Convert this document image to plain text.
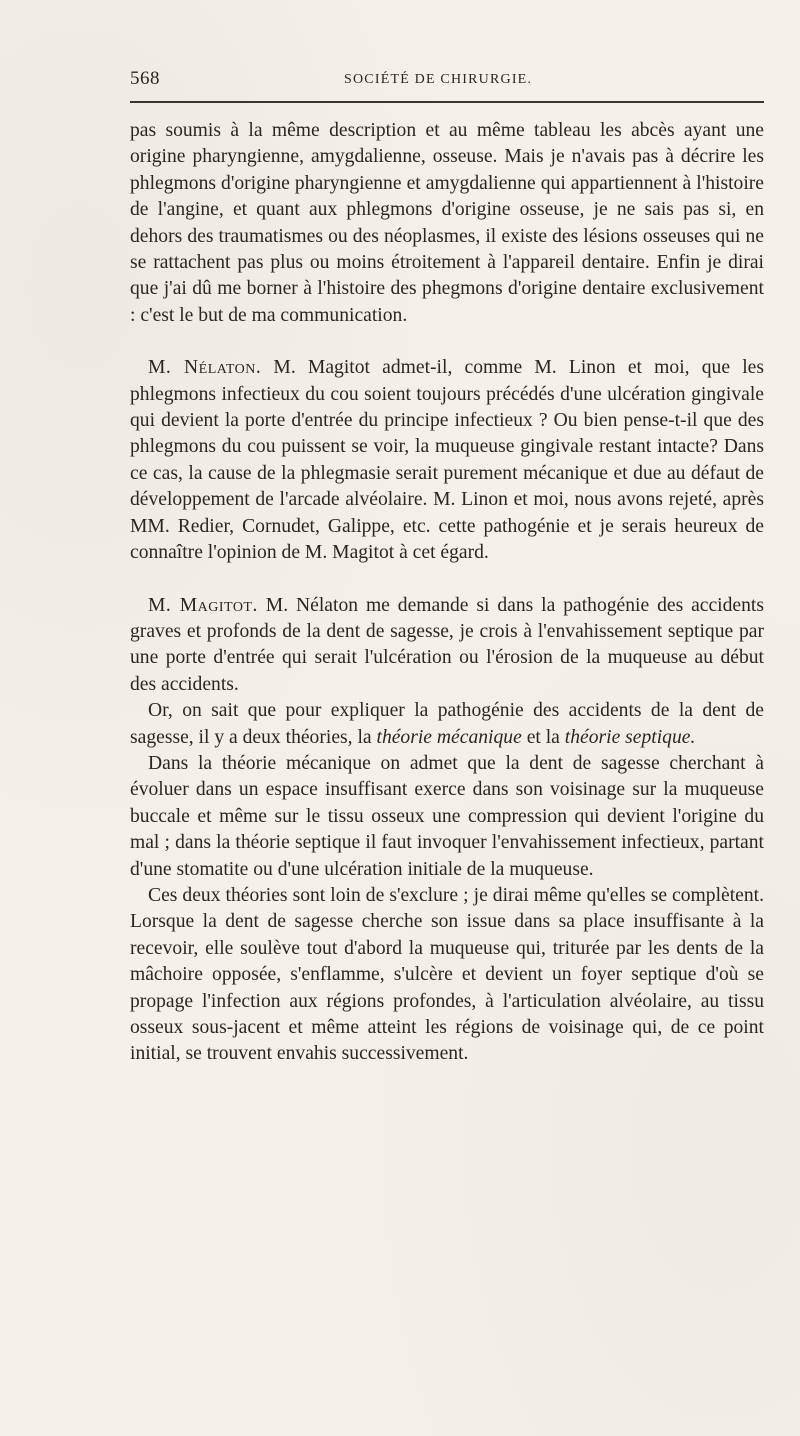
568	SOCIÉTÉ DE CHIRURGIE.

pas soumis à la même description et au même tableau les abcès ayant une origine pharyngienne, amygdalienne, osseuse. Mais je n'avais pas à décrire les phlegmons d'origine pharyngienne et amygdalienne qui appartiennent à l'histoire de l'angine, et quant aux phlegmons d'origine osseuse, je ne sais pas si, en dehors des traumatismes ou des néoplasmes, il existe des lésions osseuses qui ne se rattachent pas plus ou moins étroitement à l'appareil dentaire. Enfin je dirai que j'ai dû me borner à l'histoire des phegmons d'origine dentaire exclusivement : c'est le but de ma communication.

M. Nélaton. M. Magitot admet-il, comme M. Linon et moi, que les phlegmons infectieux du cou soient toujours précédés d'une ulcération gingivale qui devient la porte d'entrée du principe infectieux ? Ou bien pense-t-il que des phlegmons du cou puissent se voir, la muqueuse gingivale restant intacte? Dans ce cas, la cause de la phlegmasie serait purement mécanique et due au défaut de développement de l'arcade alvéolaire. M. Linon et moi, nous avons rejeté, après MM. Redier, Cornudet, Galippe, etc. cette pathogénie et je serais heureux de connaître l'opinion de M. Magitot à cet égard.

M. Magitot. M. Nélaton me demande si dans la pathogénie des accidents graves et profonds de la dent de sagesse, je crois à l'envahissement septique par une porte d'entrée qui serait l'ulcération ou l'érosion de la muqueuse au début des accidents.

Or, on sait que pour expliquer la pathogénie des accidents de la dent de sagesse, il y a deux théories, la théorie mécanique et la théorie septique.

Dans la théorie mécanique on admet que la dent de sagesse cherchant à évoluer dans un espace insuffisant exerce dans son voisinage sur la muqueuse buccale et même sur le tissu osseux une compression qui devient l'origine du mal ; dans la théorie septique il faut invoquer l'envahissement infectieux, partant d'une stomatite ou d'une ulcération initiale de la muqueuse.

Ces deux théories sont loin de s'exclure ; je dirai même qu'elles se complètent. Lorsque la dent de sagesse cherche son issue dans sa place insuffisante à la recevoir, elle soulève tout d'abord la muqueuse qui, triturée par les dents de la mâchoire opposée, s'enflamme, s'ulcère et devient un foyer septique d'où se propage l'infection aux régions profondes, à l'articulation alvéolaire, au tissu osseux sous-jacent et même atteint les régions de voisinage qui, de ce point initial, se trouvent envahis successivement.
